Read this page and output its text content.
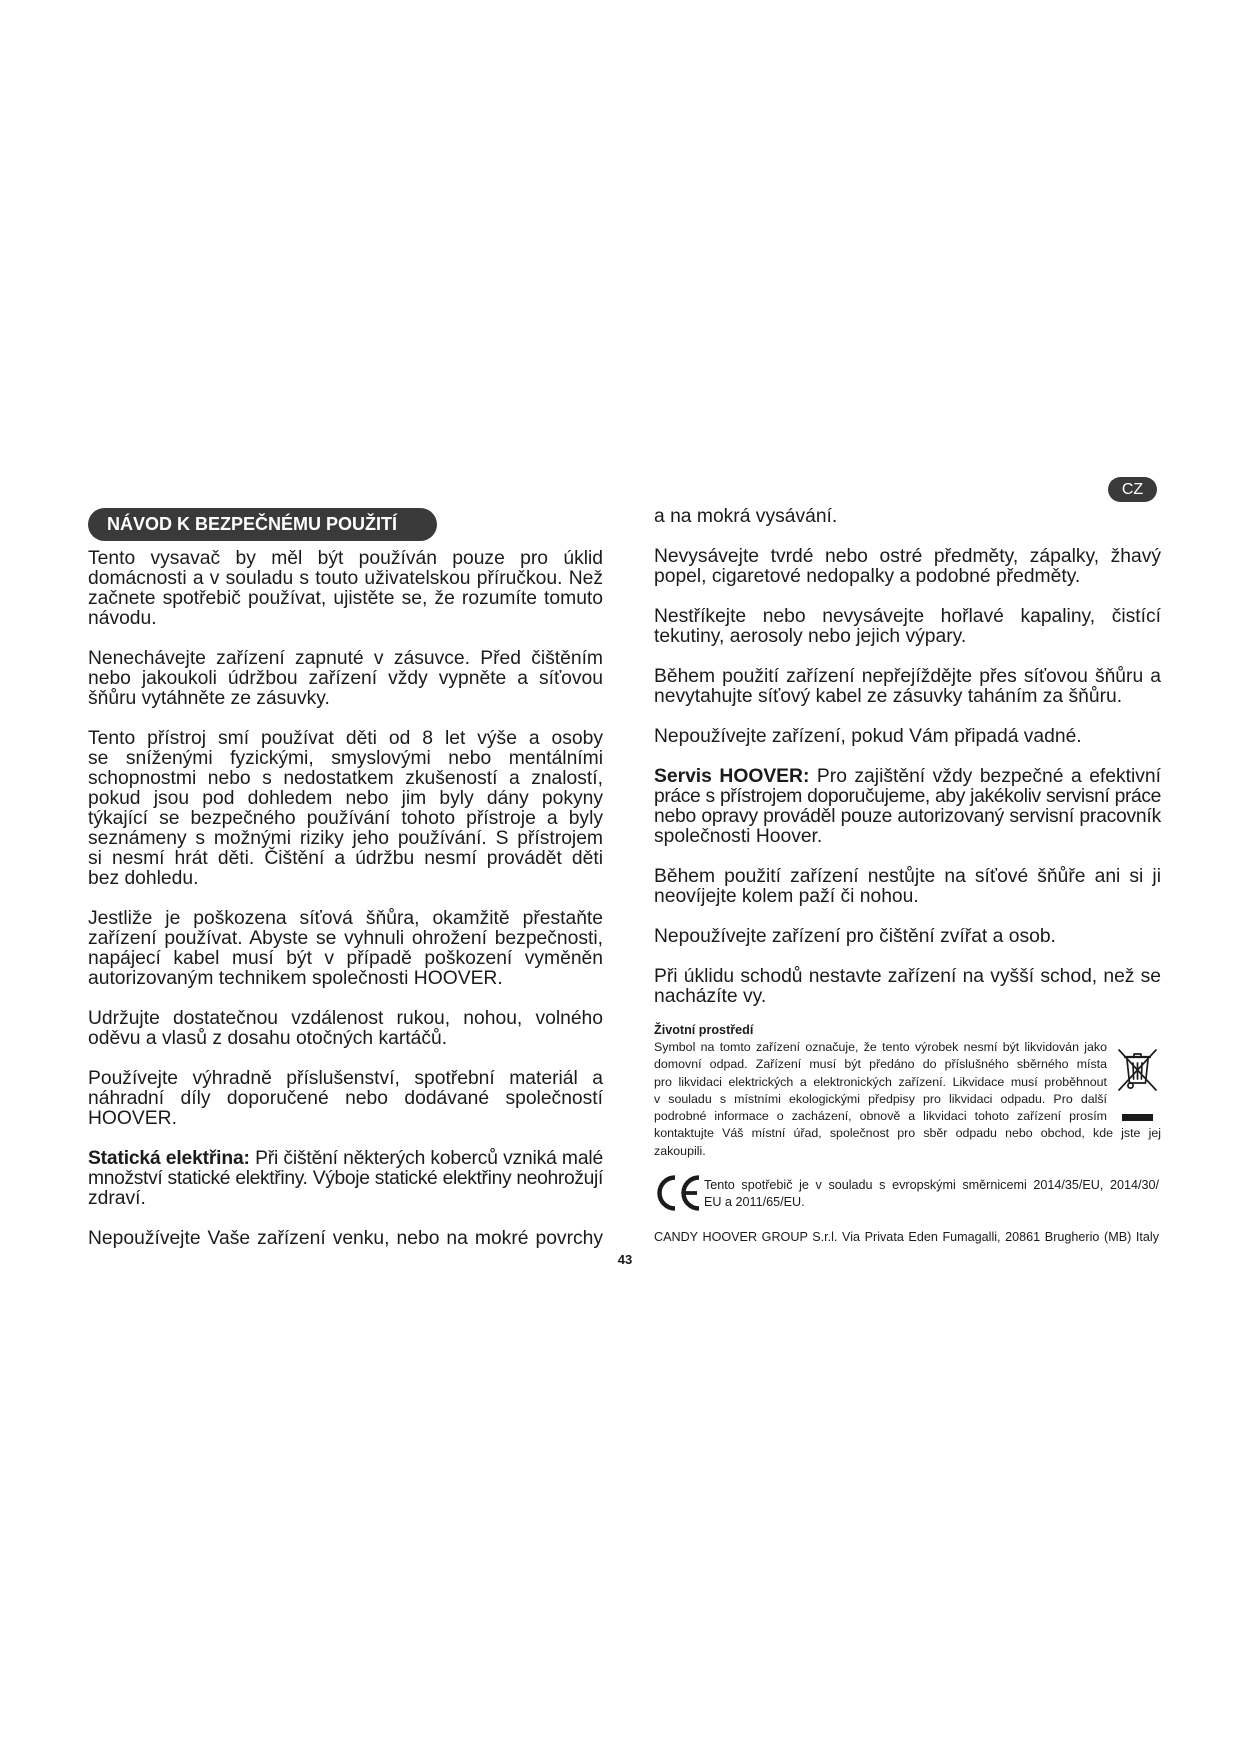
CZ
NÁVOD K BEZPEČNÉMU POUŽITÍ
Tento vysavač by měl být používán pouze pro úklid
domácnosti a v souladu s touto uživatelskou příručkou. Než
začnete spotřebič používat, ujistěte se, že rozumíte tomuto
návodu.
Nenechávejte zařízení zapnuté v zásuvce. Před čištěním
nebo jakoukoli údržbou zařízení vždy vypněte a síťovou
šňůru vytáhněte ze zásuvky.
Tento přístroj smí používat děti od 8 let výše a osoby
se sníženými fyzickými, smyslovými nebo mentálními
schopnostmi nebo s nedostatkem zkušeností a znalostí,
pokud jsou pod dohledem nebo jim byly dány pokyny
týkající se bezpečného používání tohoto přístroje a byly
seznámeny s možnými riziky jeho používání. S přístrojem
si nesmí hrát děti. Čištění a údržbu nesmí provádět děti
bez dohledu.
Jestliže je poškozena síťová šňůra, okamžitě přestaňte
zařízení používat. Abyste se vyhnuli ohrožení bezpečnosti,
napájecí kabel musí být v případě poškození vyměněn
autorizovaným technikem společnosti HOOVER.
Udržujte dostatečnou vzdálenost rukou, nohou, volného
oděvu a vlasů z dosahu otočných kartáčů.
Používejte výhradně příslušenství, spotřební materiál a
náhradní díly doporučené nebo dodávané společností
HOOVER.
Statická elektřina: Při čištění některých koberců vzniká malé
množství statické elektřiny. Výboje statické elektřiny neohrožují
zdraví.
Nepoužívejte Vaše zařízení venku, nebo na mokré povrchy
a na mokrá vysávání.
Nevysávejte tvrdé nebo ostré předměty, zápalky, žhavý
popel, cigaretové nedopalky a podobné předměty.
Nestříkejte nebo nevysávejte hořlavé kapaliny, čistící
tekutiny, aerosoly nebo jejich výpary.
Během použití zařízení nepřejíždějte přes síťovou šňůru a
nevytahujte síťový kabel ze zásuvky taháním za šňůru.
Nepoužívejte zařízení, pokud Vám připadá vadné.
Servis HOOVER: Pro zajištění vždy bezpečné a efektivní
práce s přístrojem doporučujeme, aby jakékoliv servisní práce
nebo opravy prováděl pouze autorizovaný servisní pracovník
společnosti Hoover.
Během použití zařízení nestůjte na síťové šňůře ani si ji
neovíjejte kolem paží či nohou.
Nepoužívejte zařízení pro čištění zvířat a osob.
Při úklidu schodů nestavte zařízení na vyšší schod, než se
nacházíte vy.
Životní prostředí
Symbol na tomto zařízení označuje, že tento výrobek nesmí být likvidován jako
domovní odpad. Zařízení musí být předáno do příslušného sběrného místa
pro likvidaci elektrických a elektronických zařízení. Likvidace musí proběhnout
v souladu s místními ekologickými předpisy pro likvidaci odpadu. Pro další
podrobné informace o zacházení, obnově a likvidaci tohoto zařízení prosím
kontaktujte Váš místní úřad, společnost pro sběr odpadu nebo obchod, kde jste jej
zakoupili.
Tento spotřebič je v souladu s evropskými směrnicemi 2014/35/EU, 2014/30/
EU a 2011/65/EU.
CANDY HOOVER GROUP S.r.l. Via Privata Eden Fumagalli, 20861 Brugherio (MB) Italy
43
